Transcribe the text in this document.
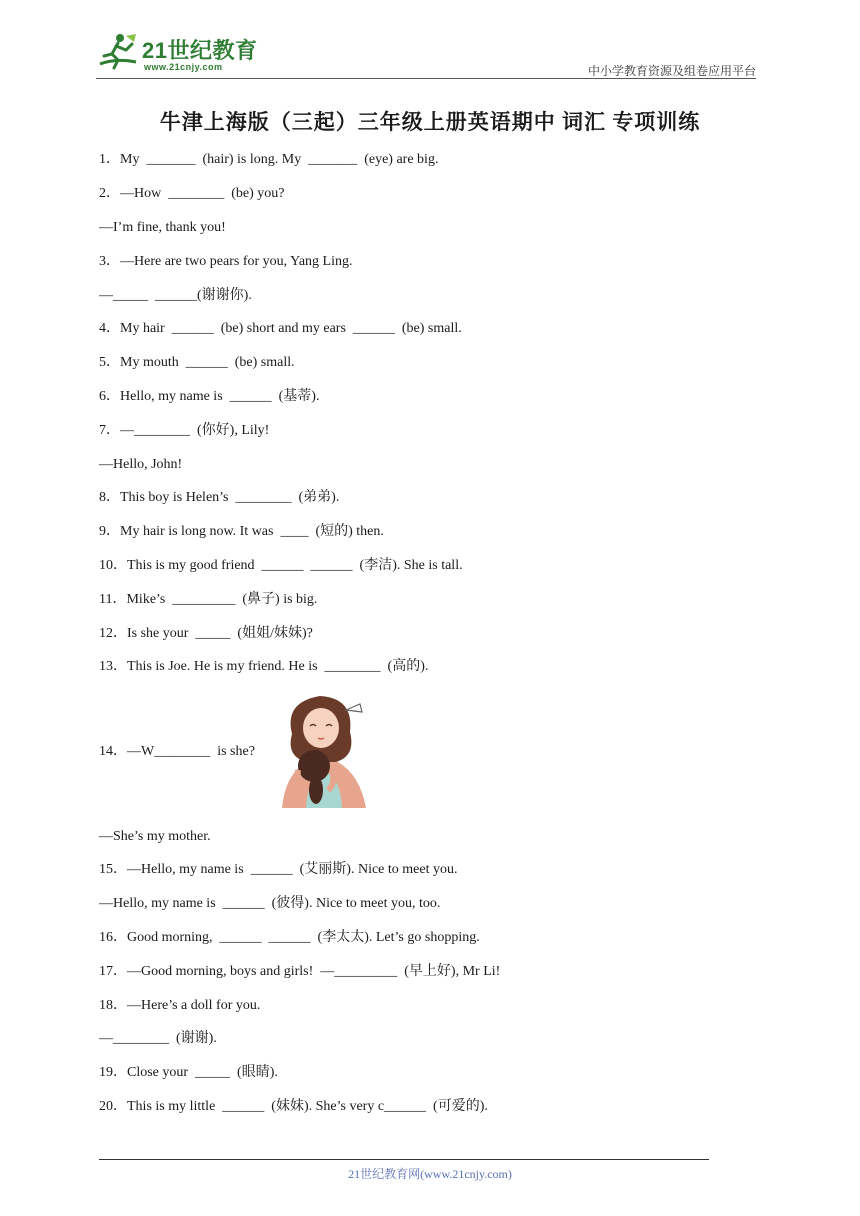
21世纪教育
www.21cnjy.com	中小学教育资源及组卷应用平台
牛津上海版（三起）三年级上册英语期中 词汇 专项训练
1．My  _______  (hair) is long. My  _______  (eye) are big.
2．—How  ________  (be) you?
—I’m fine, thank you!
3．—Here are two pears for you, Yang Ling.
—_____  ______(谢谢你).
4．My hair  ______  (be) short and my ears  ______  (be) small.
5．My mouth  ______  (be) small.
6．Hello, my name is  ______  (基蒂).
7．—________  (你好), Lily!
—Hello, John!
8．This boy is Helen’s  ________  (弟弟).
9．My hair is long now. It was  ____  (短的) then.
10．This is my good friend  ______  ______  (李洁). She is tall.
11．Mike’s  _________  (鼻子) is big.
12．Is she your  _____  (姐姐/妹妹)?
13．This is Joe. He is my friend. He is  ________  (高的).
14．—W________  is she?
—She’s my mother.
15．—Hello, my name is  ______  (艾丽斯). Nice to meet you.
—Hello, my name is  ______  (彼得). Nice to meet you, too.
16．Good morning,  ______  ______  (李太太). Let’s go shopping.
17．—Good morning, boys and girls!  —_________  (早上好), Mr Li!
18．—Here’s a doll for you.
—________  (谢谢).
19．Close your  _____  (眼睛).
20．This is my little  ______  (妹妹). She’s very c______  (可爱的).
21世纪教育网(www.21cnjy.com)
